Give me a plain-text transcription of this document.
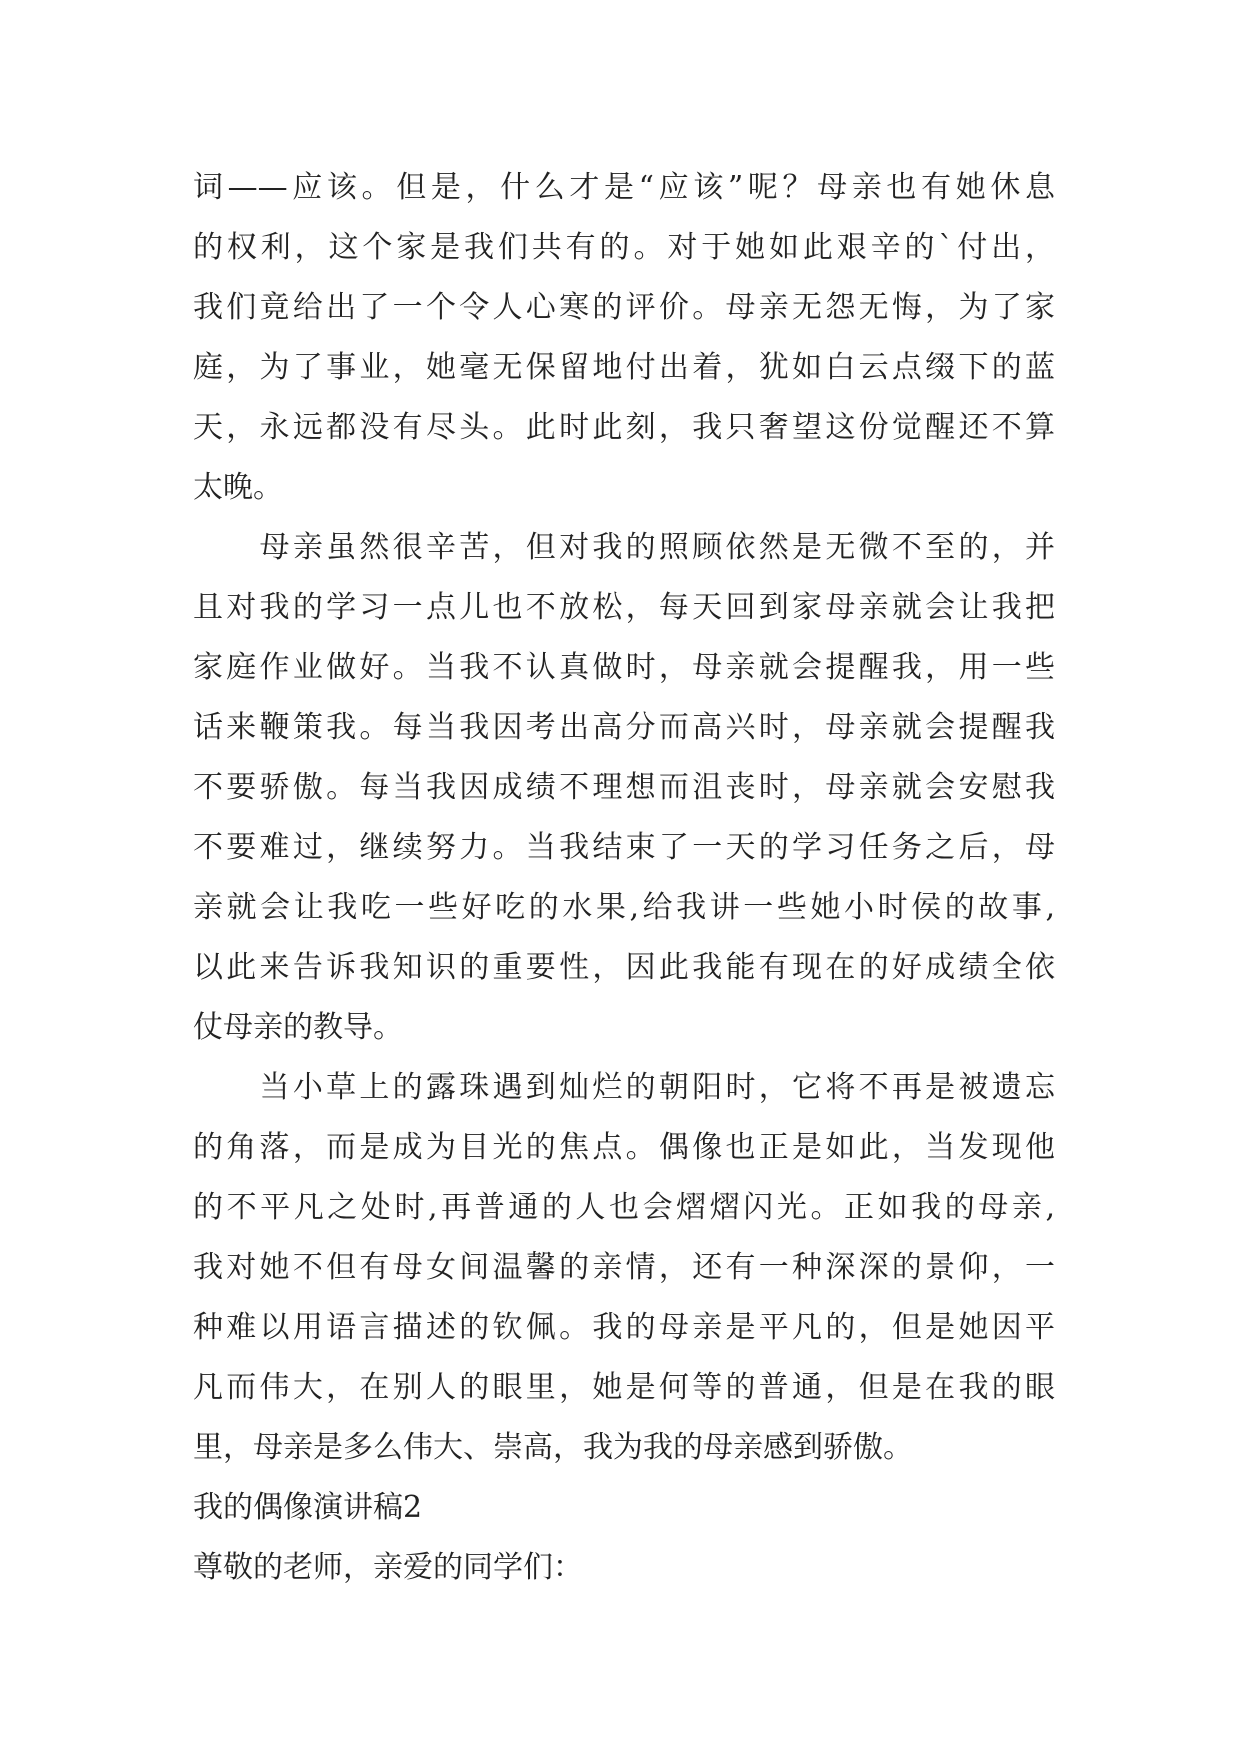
词——应该。但是，什么才是“应该”呢？母亲也有她休息
的权利，这个家是我们共有的。对于她如此艰辛的`付出，
我们竟给出了一个令人心寒的评价。母亲无怨无悔，为了家
庭，为了事业，她毫无保留地付出着，犹如白云点缀下的蓝
天，永远都没有尽头。此时此刻，我只奢望这份觉醒还不算
太晚。
　　母亲虽然很辛苦，但对我的照顾依然是无微不至的，并
且对我的学习一点儿也不放松，每天回到家母亲就会让我把
家庭作业做好。当我不认真做时，母亲就会提醒我，用一些
话来鞭策我。每当我因考出高分而高兴时，母亲就会提醒我
不要骄傲。每当我因成绩不理想而沮丧时，母亲就会安慰我
不要难过，继续努力。当我结束了一天的学习任务之后，母
亲就会让我吃一些好吃的水果,给我讲一些她小时侯的故事,
以此来告诉我知识的重要性，因此我能有现在的好成绩全依
仗母亲的教导。
　　当小草上的露珠遇到灿烂的朝阳时，它将不再是被遗忘
的角落，而是成为目光的焦点。偶像也正是如此，当发现他
的不平凡之处时,再普通的人也会熠熠闪光。正如我的母亲,
我对她不但有母女间温馨的亲情，还有一种深深的景仰，一
种难以用语言描述的钦佩。我的母亲是平凡的，但是她因平
凡而伟大，在别人的眼里，她是何等的普通，但是在我的眼
里，母亲是多么伟大、崇高，我为我的母亲感到骄傲。
我的偶像演讲稿2
尊敬的老师，亲爱的同学们：
